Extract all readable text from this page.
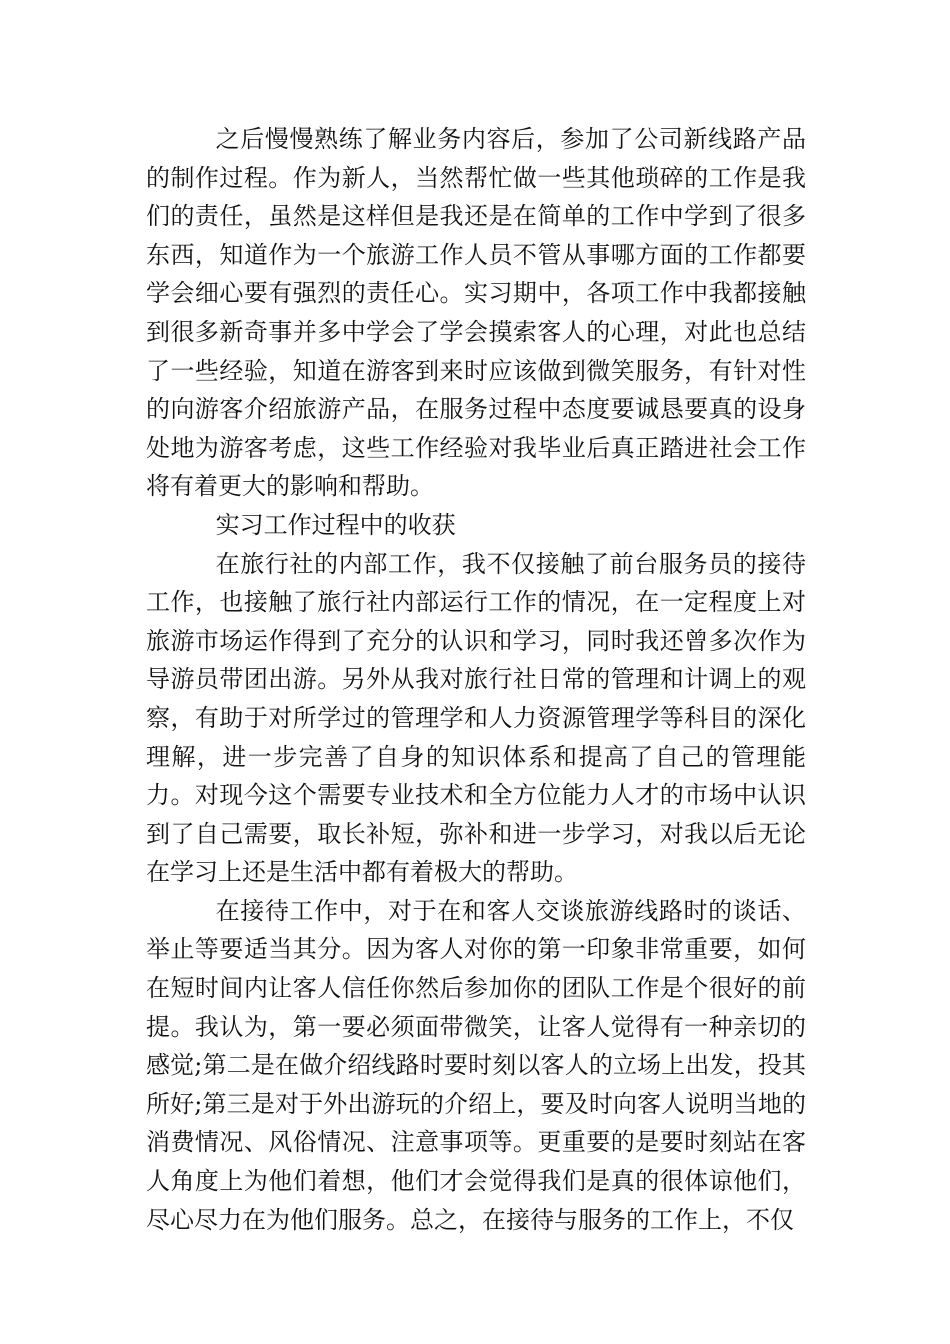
之后慢慢熟练了解业务内容后，参加了公司新线路产品的制作过程。作为新人，当然帮忙做一些其他琐碎的工作是我们的责任，虽然是这样但是我还是在简单的工作中学到了很多东西，知道作为一个旅游工作人员不管从事哪方面的工作都要学会细心要有强烈的责任心。实习期中，各项工作中我都接触到很多新奇事并多中学会了学会摸索客人的心理，对此也总结了一些经验，知道在游客到来时应该做到微笑服务，有针对性的向游客介绍旅游产品，在服务过程中态度要诚恳要真的设身处地为游客考虑，这些工作经验对我毕业后真正踏进社会工作将有着更大的影响和帮助。

实习工作过程中的收获

在旅行社的内部工作，我不仅接触了前台服务员的接待工作，也接触了旅行社内部运行工作的情况，在一定程度上对旅游市场运作得到了充分的认识和学习，同时我还曾多次作为导游员带团出游。另外从我对旅行社日常的管理和计调上的观察，有助于对所学过的管理学和人力资源管理学等科目的深化理解，进一步完善了自身的知识体系和提高了自己的管理能力。对现今这个需要专业技术和全方位能力人才的市场中认识到了自己需要，取长补短，弥补和进一步学习，对我以后无论在学习上还是生活中都有着极大的帮助。

在接待工作中，对于在和客人交谈旅游线路时的谈话、举止等要适当其分。因为客人对你的第一印象非常重要，如何在短时间内让客人信任你然后参加你的团队工作是个很好的前提。我认为，第一要必须面带微笑，让客人觉得有一种亲切的感觉;第二是在做介绍线路时要时刻以客人的立场上出发，投其所好;第三是对于外出游玩的介绍上，要及时向客人说明当地的消费情况、风俗情况、注意事项等。更重要的是要时刻站在客人角度上为他们着想，他们才会觉得我们是真的很体谅他们，尽心尽力在为他们服务。总之，在接待与服务的工作上，不仅
